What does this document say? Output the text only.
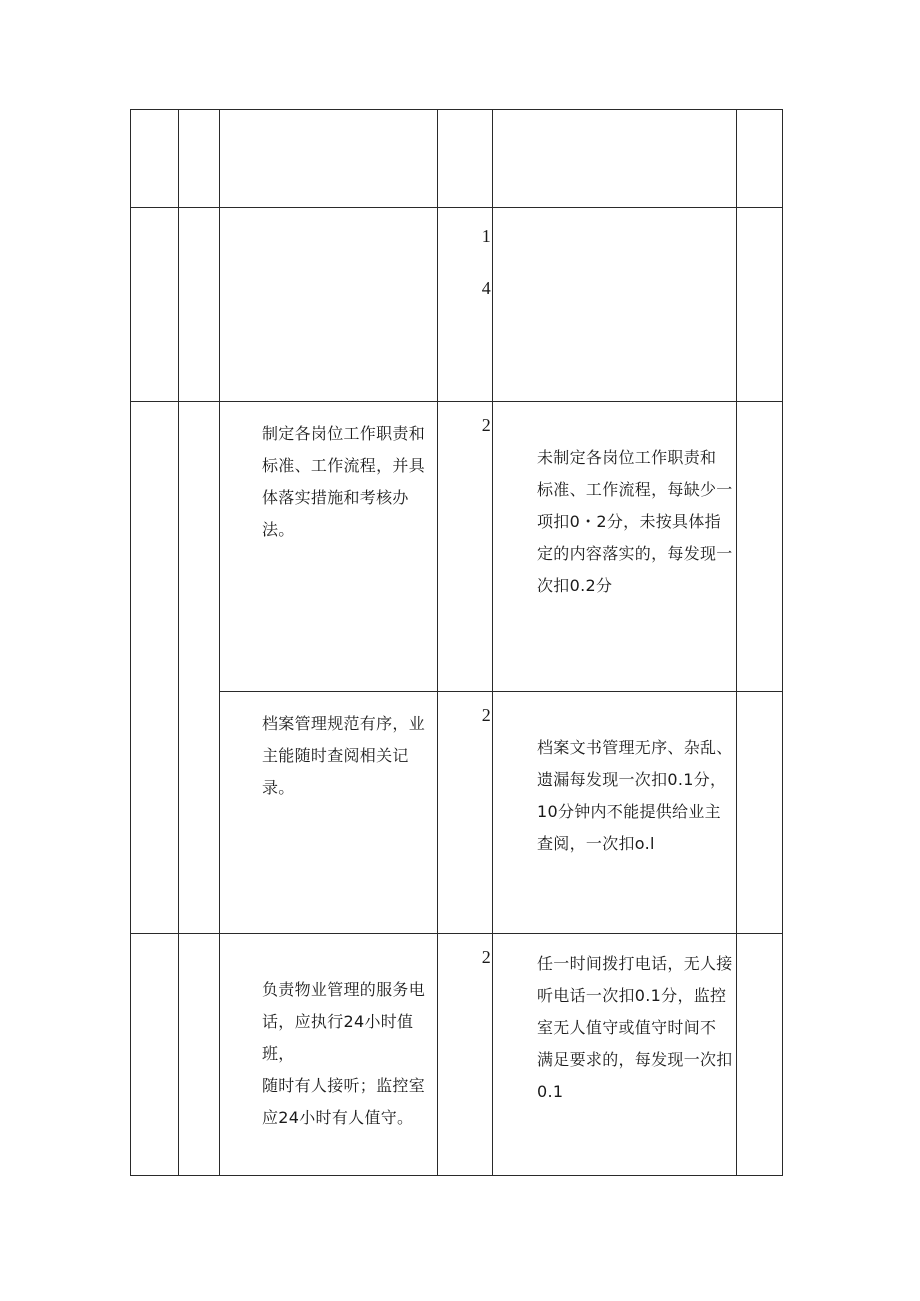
			1
4		

		制定各岗位工作职责和
标准、工作流程，并具
体落实措施和考核办法。	2	未制定各岗位工作职责和
标准、工作流程，每缺少一
项扣0・2分，未按具体指
定的内容落实的，每发现一
次扣0.2分	

		档案管理规范有序，业
主能随时查阅相关记录。	2	档案文书管理无序、杂乱、
遗漏每发现一次扣0.1分，
10分钟内不能提供给业主
查阅，一次扣o.l	

		负责物业管理的服务电
话，应执行24小时值班，
随时有人接听；监控室
应24小时有人值守。	2	任一时间拨打电话，无人接
听电话一次扣0.1分，监控
室无人值守或值守时间不
满足要求的，每发现一次扣
0.1	
